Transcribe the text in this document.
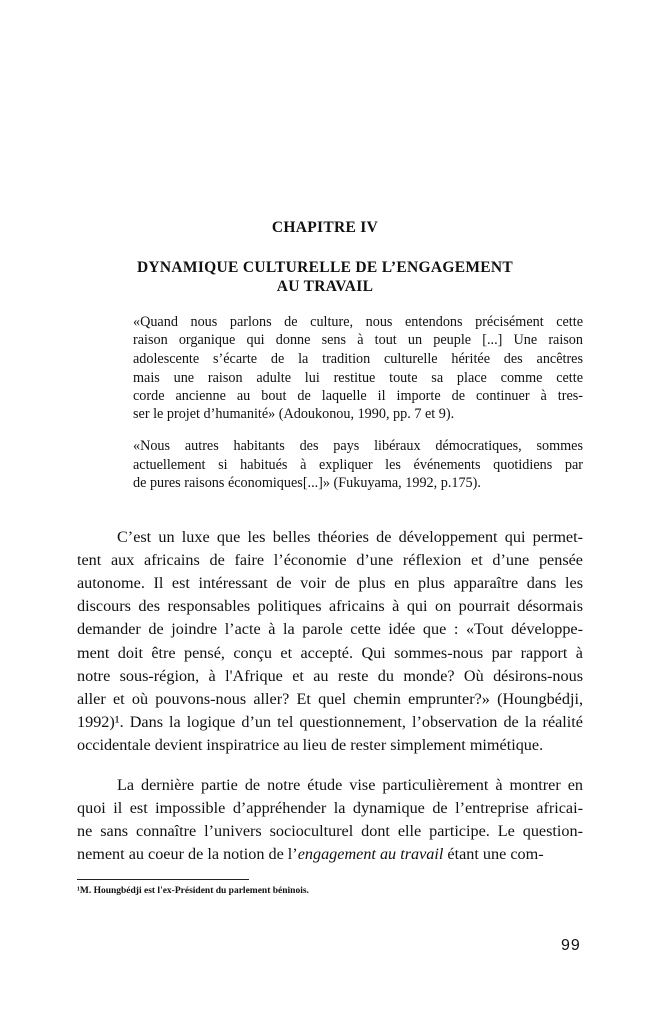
CHAPITRE IV
DYNAMIQUE CULTURELLE DE L’ENGAGEMENT
AU TRAVAIL
«Quand nous parlons de culture, nous entendons précisément cette
raison organique qui donne sens à tout un peuple [...] Une raison
adolescente s’écarte de la tradition culturelle héritée des ancêtres
mais une raison adulte lui restitue toute sa place comme cette
corde ancienne au bout de laquelle il importe de continuer à tres-
ser le projet d’humanité» (Adoukonou, 1990, pp. 7 et 9).
«Nous autres habitants des pays libéraux démocratiques, sommes
actuellement si habitués à expliquer les événements quotidiens par
de pures raisons économiques[...]» (Fukuyama, 1992, p.175).
C’est un luxe que les belles théories de développement qui permet-
tent aux africains de faire l’économie d’une réflexion et d’une pensée
autonome. Il est intéressant de voir de plus en plus apparaître dans les
discours des responsables politiques africains à qui on pourrait désormais
demander de joindre l’acte à la parole cette idée que : «Tout développe-
ment doit être pensé, conçu et accepté. Qui sommes-nous par rapport à
notre sous-région, à l'Afrique et au reste du monde? Où désirons-nous
aller et où pouvons-nous aller? Et quel chemin emprunter?» (Houngbédji,
1992)¹. Dans la logique d’un tel questionnement, l’observation de la réalité
occidentale devient inspiratrice au lieu de rester simplement mimétique.
La dernière partie de notre étude vise particulièrement à montrer en
quoi il est impossible d’appréhender la dynamique de l’entreprise africai-
ne sans connaître l’univers socioculturel dont elle participe. Le question-
nement au coeur de la notion de l’engagement au travail étant une com-
¹M. Houngbédji est l'ex-Président du parlement béninois.
99
